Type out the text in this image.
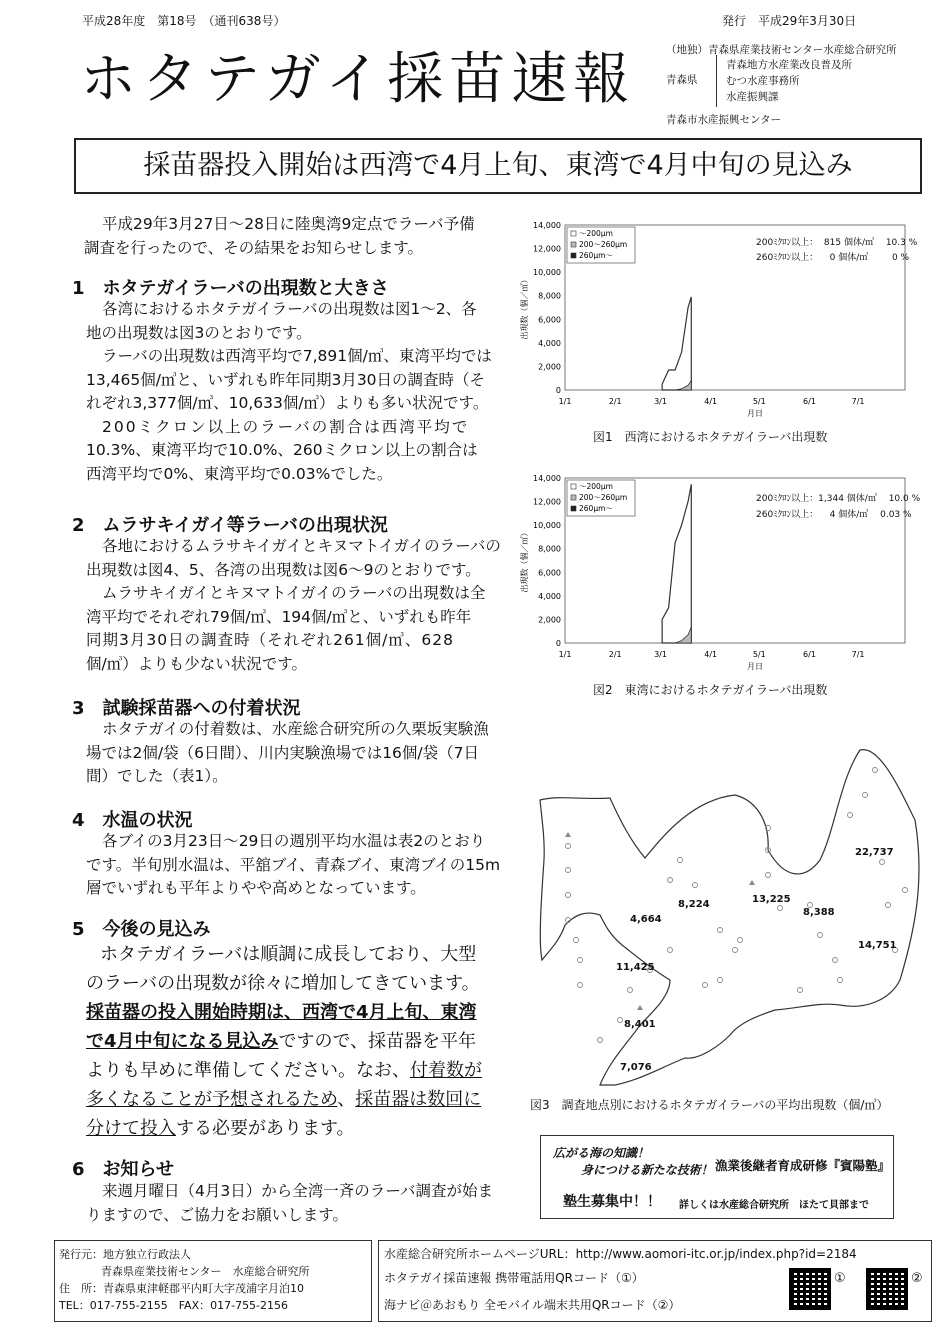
平成28年度　第18号　（通刊638号）	発行　平成29年3月30日
ホタテガイ採苗速報	（地独）青森県産業技術センター水産総合研究所
青森県
青森地方水産業改良普及所
むつ水産事務所
水産振興課
青森市水産振興センター
採苗器投入開始は西湾で4月上旬、東湾で4月中旬の見込み
平成29年3月27日～28日に陸奥湾9定点でラーバ予備
調査を行ったので、その結果をお知らせします。
1　ホタテガイラーバの出現数と大きさ
各湾におけるホタテガイラーバの出現数は図1～2、各
地の出現数は図3のとおりです。
ラーバの出現数は西湾平均で7,891個/㎥、東湾平均では
13,465個/㎥と、いずれも昨年同期3月30日の調査時（そ
れぞれ3,377個/㎥、10,633個/㎥）よりも多い状況です。
200ミクロン以上のラーバの割合は西湾平均で
10.3%、東湾平均で10.0%、260ミクロン以上の割合は
西湾平均で0%、東湾平均で0.03%でした。
2　ムラサキイガイ等ラーバの出現状況
各地におけるムラサキイガイとキヌマトイガイのラーバの
出現数は図4、5、各湾の出現数は図6～9のとおりです。
ムラサキイガイとキヌマトイガイのラーバの出現数は全
湾平均でそれぞれ79個/㎥、194個/㎥と、いずれも昨年
同期3月30日の調査時（それぞれ261個/㎥、628
個/㎥）よりも少ない状況です。
3　試験採苗器への付着状況
ホタテガイの付着数は、水産総合研究所の久栗坂実験漁
場では2個/袋（6日間）、川内実験漁場では16個/袋（7日
間）でした（表1）。
4　水温の状況
各ブイの3月23日～29日の週別平均水温は表2のとおり
です。半旬別水温は、平舘ブイ、青森ブイ、東湾ブイの15m
層でいずれも平年よりやや高めとなっています。
5　今後の見込み
ホタテガイラーバは順調に成長しており、大型
のラーバの出現数が徐々に増加してきています。
採苗器の投入開始時期は、西湾で4月上旬、東湾
で4月中旬になる見込みですので、採苗器を平年
よりも早めに準備してください。なお、付着数が
多くなることが予想されるため、採苗器は数回に
分けて投入する必要があります。
6　お知らせ
来週月曜日（4月3日）から全湾一斉のラーバ調査が始ま
りますので、ご協力をお願いします。
0
2,000
4,000
6,000
8,000
10,000
12,000
14,000
1/1	2/1	3/1	4/1	5/1	6/1	7/1
月日
出現数（個／㎥）
～200μm
200～260μm
260μm～
図1　西湾におけるホタテガイラーバ出現数
200ﾐｸﾛﾝ以上：  815 個体/㎥　 10.3 %
260ﾐｸﾛﾝ以上：    0 個体/㎥　　  0 %
0
2,000
4,000
6,000
8,000
10,000
12,000
14,000
1/1	2/1	3/1	4/1	5/1	6/1	7/1
月日
出現数（個／㎥）
～200μm
200～260μm
260μm～
図2　東湾におけるホタテガイラーバ出現数
200ﾐｸﾛﾝ以上：1,344 個体/㎥　 10.0 %
260ﾐｸﾛﾝ以上：    4 個体/㎥　 0.03 %
22,737
8,224	13,225
8,388
4,664
14,751
11,425
8,401
7,076
図3　調査地点別におけるホタテガイラーバの平均出現数（個/㎥）
広がる海の知識！
身につける新たな技術！ 漁業後継者育成研修『賓陽塾』
塾生募集中！！ 詳しくは水産総合研究所　ほたて貝部まで
発行元：地方独立行政法人
青森県産業技術センター　水産総合研究所
住　所：青森県東津軽郡平内町大字茂浦字月泊10
TEL：017-755-2155　FAX：017-755-2156
水産総合研究所ホームページURL：http://www.aomori-itc.or.jp/index.php?id=2184
ホタテガイ採苗速報 携帯電話用QRコード（①）
海ナビ＠あおもり 全モバイル端末共用QRコード（②）
①	②
